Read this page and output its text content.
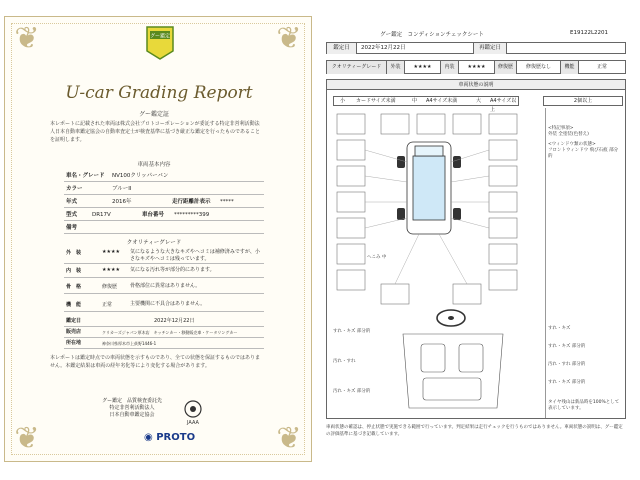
❦	❦
❦	❦
グー鑑定
U-car Grading Report
グー鑑定証
本レポートに記載された車両は株式会社プロトコーポレーションが委託する特定非営利活動法人日本自動車鑑定協会の自動車査定士が検査基準に基づき厳正な鑑定を行ったものであることを証明します。
車両基本内容
車名・グレード NV100クリッパーバン
カラー	ブルーII
年式	2016年	走行距離計表示 *****
型式	DR17V	車台番号 *********399
備考
クオリティーグレード
外　装	★★★★ 気になるような大きなキズやヘコミは補修済みですが、小さなキズやヘコミは残っています。
内　装	★★★★ 気になる汚れ等が部分的にあります。
骨　格	修復歴	骨格部位に異常はありません。
機　能	正常	主要機関に不具合はありません。
鑑定日	2022年12月22日
販売店	クリカーズジャパン厚木店　キッチンカー・移動販売車・ケータリングカー
所在地	神奈川県厚木市上荻野1446-1
本レポートは鑑定時点での車両状態を示すものであり、全ての状態を保証するものではありません。本鑑定結果は車両の経年劣化等により変化する場合があります。
グー鑑定　品質検査委託先
特定非営利活動法人
日本自動車鑑定協会
JAAA
◉ PROTO
グー鑑定　コンディションチェックシート	E19122L2201
鑑定日	2022年12月22日	再鑑定日
クオリティーグレード	外装	★★★★	内装	★★★★	修復歴	修復歴なし	機能	正常
車両状態の説明
小 カードサイズ未満	中 A4サイズ未満	大 A4サイズ以上
2個以上
へこみ 中
すれ・キズ 部分的
汚れ・すれ
汚れ・キズ 部分的
<特記事項>
外装 全塗装(色替え)
<ウィンドウ類の状態>
フロントウィンドウ 飛び石痕 部分的
すれ・キズ
すれ・キズ 部分的
汚れ・すれ 部分的
すれ・キズ 部分的
タイヤ残山は新品時を100%として表示しています。
車両状態の確認は、停止状態で実施できる範囲で行っています。判定結果は走行チェックを行うものではありません。車両状態の説明は、グー鑑定の評価基準に基づき記載しています。
